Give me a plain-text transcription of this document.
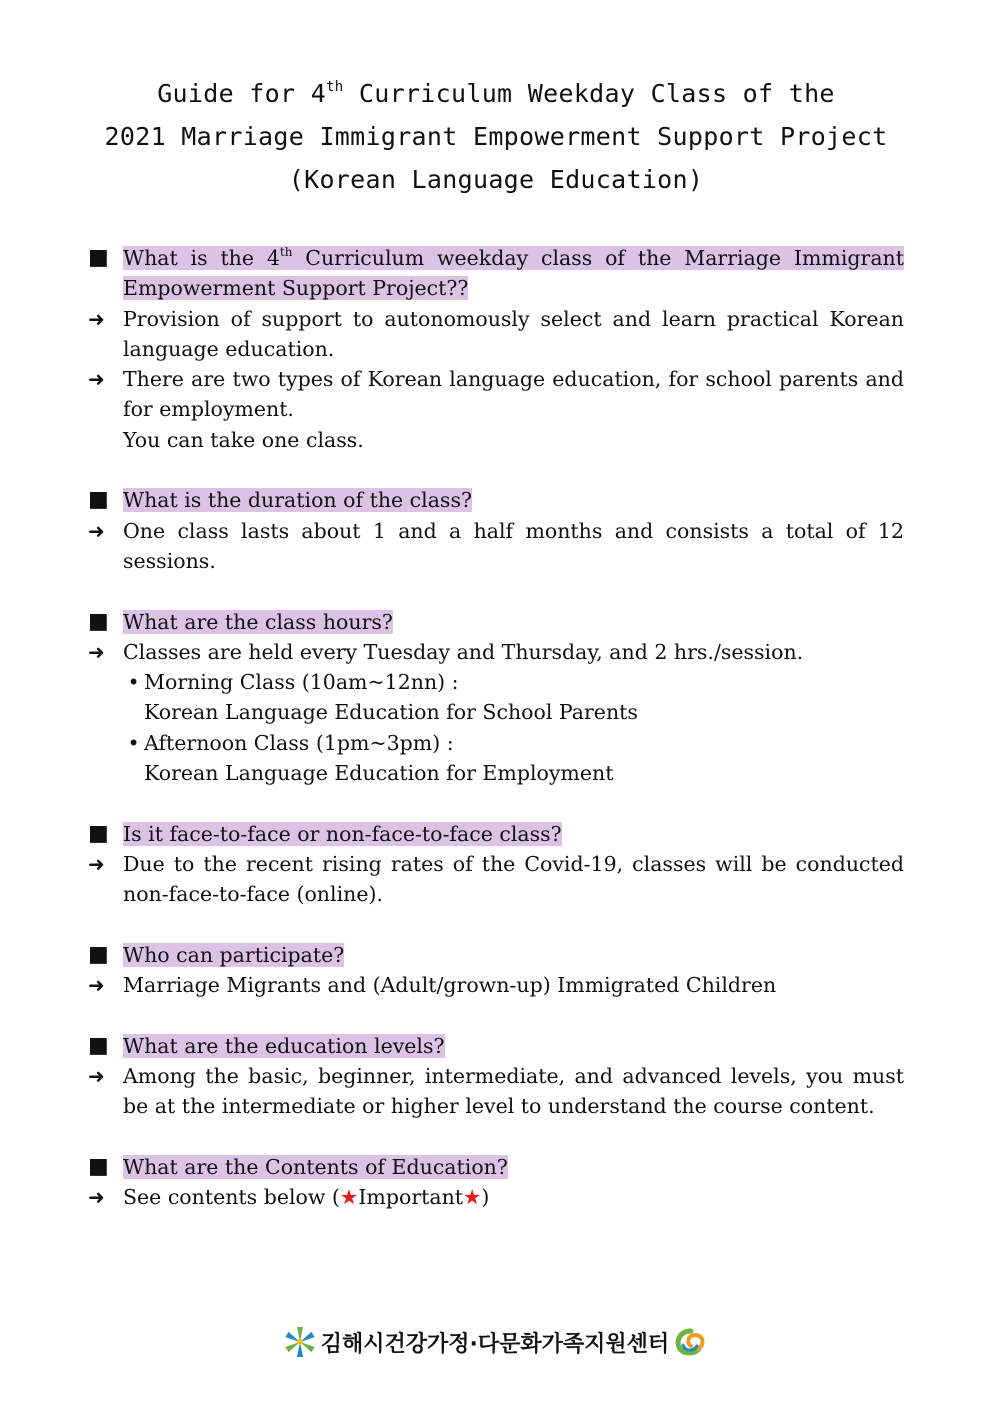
Guide for 4th Curriculum Weekday Class of the
2021 Marriage Immigrant Empowerment Support Project
(Korean Language Education)
■ What is the 4th Curriculum weekday class of the Marriage Immigrant Empowerment Support Project??
➜ Provision of support to autonomously select and learn practical Korean language education.
➜ There are two types of Korean language education, for school parents and for employment.
You can take one class.
■ What is the duration of the class?
➜ One class lasts about 1 and a half months and consists a total of 12 sessions.
■ What are the class hours?
➜ Classes are held every Tuesday and Thursday, and 2 hrs./session.
• Morning Class (10am~12nn) :
Korean Language Education for School Parents
• Afternoon Class (1pm~3pm) :
Korean Language Education for Employment
■ Is it face-to-face or non-face-to-face class?
➜ Due to the recent rising rates of the Covid-19, classes will be conducted non-face-to-face (online).
■ Who can participate?
➜ Marriage Migrants and (Adult/grown-up) Immigrated Children
■ What are the education levels?
➜ Among the basic, beginner, intermediate, and advanced levels, you must be at the intermediate or higher level to understand the course content.
■ What are the Contents of Education?
➜ See contents below (★Important★)
김해시건강가정·다문화가족지원센터
